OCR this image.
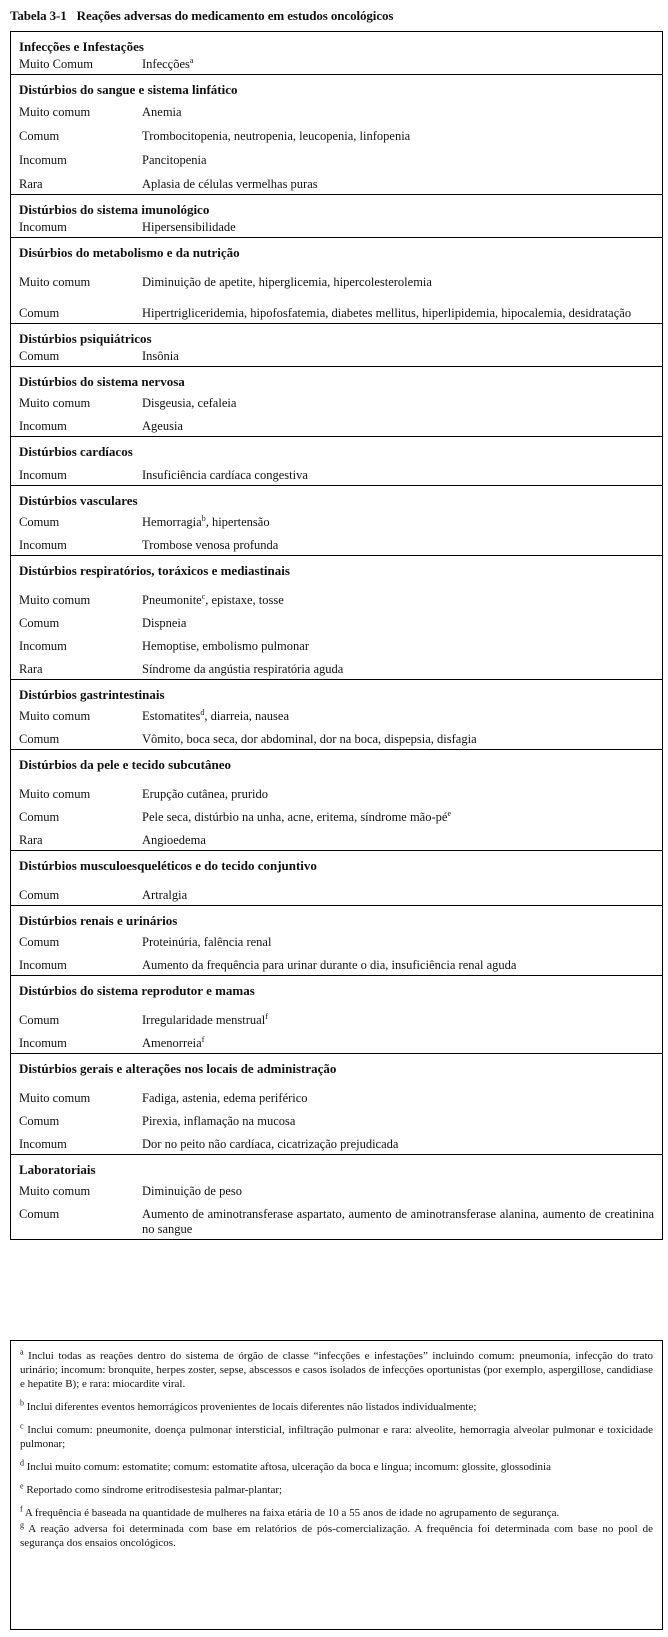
Tabela 3-1 Reações adversas do medicamento em estudos oncológicos
Infecções e Infestações
Muito Comum	Infecções$^a$
Distúrbios do sangue e sistema linfático
Muito comum	Anemia
Comum	Trombocitopenia, neutropenia, leucopenia, linfopenia
Incomum	Pancitopenia
Rara	Aplasia de células vermelhas puras
Distúrbios do sistema imunológico
Incomum	Hipersensibilidade
Disúrbios do metabolismo e da nutrição
Muito comum	Diminuição de apetite, hiperglicemia, hipercolesterolemia
Comum	Hipertrigliceridemia, hipofosfatemia, diabetes mellitus, hiperlipidemia, hipocalemia, desidratação
Distúrbios psiquiátricos
Comum	Insônia
Distúrbios do sistema nervosa
Muito comum	Disgeusia, cefaleia
Incomum	Ageusia
Distúrbios cardíacos
Incomum	Insuficiência cardíaca congestiva
Distúrbios vasculares
Comum	Hemorragia$^b$, hipertensão
Incomum	Trombose venosa profunda
Distúrbios respiratórios, toráxicos e mediastinais
Muito comum	Pneumonite$^c$, epistaxe, tosse
Comum	Dispneia
Incomum	Hemoptise, embolismo pulmonar
Rara	Síndrome da angústia respiratória aguda
Distúrbios gastrintestinais
Muito comum	Estomatites$^d$, diarreia, nausea
Comum	Vômito, boca seca, dor abdominal, dor na boca, dispepsia, disfagia
Distúrbios da pele e tecido subcutâneo
Muito comum	Erupção cutânea, prurido
Comum	Pele seca, distúrbio na unha, acne, eritema, síndrome mão-$pé^e$
Rara	Angioedema
Distúrbios musculoesqueléticos e do tecido conjuntivo
Comum	Artralgia
Distúrbios renais e urinários
Comum	Proteinúria, falência renal
Incomum	Aumento da frequência para urinar durante o dia, insuficiência renal aguda
Distúrbios do sistema reprodutor e mamas
Comum	Irregularidade menstrual$^f$
Incomum	Amenorreia$^f$
Distúrbios gerais e alterações nos locais de administração
Muito comum	Fadiga, astenia, edema periférico
Comum	Pirexia, inflamação na mucosa
Incomum	Dor no peito não cardíaca, cicatrização prejudicada
Laboratoriais
Muito comum	Diminuição de peso
Comum	Aumento de aminotransferase aspartato, aumento de aminotransferase alanina, aumento de creatinina no sangue
$^a$ Inclui todas as reações dentro do sistema de órgão de classe “infecções e infestações” incluindo comum: pneumonia, infecção do trato urinário; incomum: bronquite, herpes zoster, sepse, abscessos e casos isolados de infecções oportunistas (por exemplo, aspergillose, candidiase e hepatite B); e rara: miocardite viral.
$^b$ Inclui diferentes eventos hemorrágicos provenientes de locais diferentes não listados individualmente;
$^c$ Inclui comum: pneumonite, doença pulmonar intersticial, infiltração pulmonar e rara: alveolite, hemorragia alveolar pulmonar e toxicidade pulmonar;
$^d$ Inclui muito comum: estomatite; comum: estomatite aftosa, ulceração da boca e língua; incomum: glossite, glossodinia
$^e$ Reportado como síndrome eritrodisestesia palmar-plantar;
$^f$ A frequência é baseada na quantidade de mulheres na faixa etária de 10 a 55 anos de idade no agrupamento de segurança.
$^g$ A reação adversa foi determinada com base em relatórios de pós-comercialização. A frequência foi determinada com base no pool de segurança dos ensaios oncológicos.
